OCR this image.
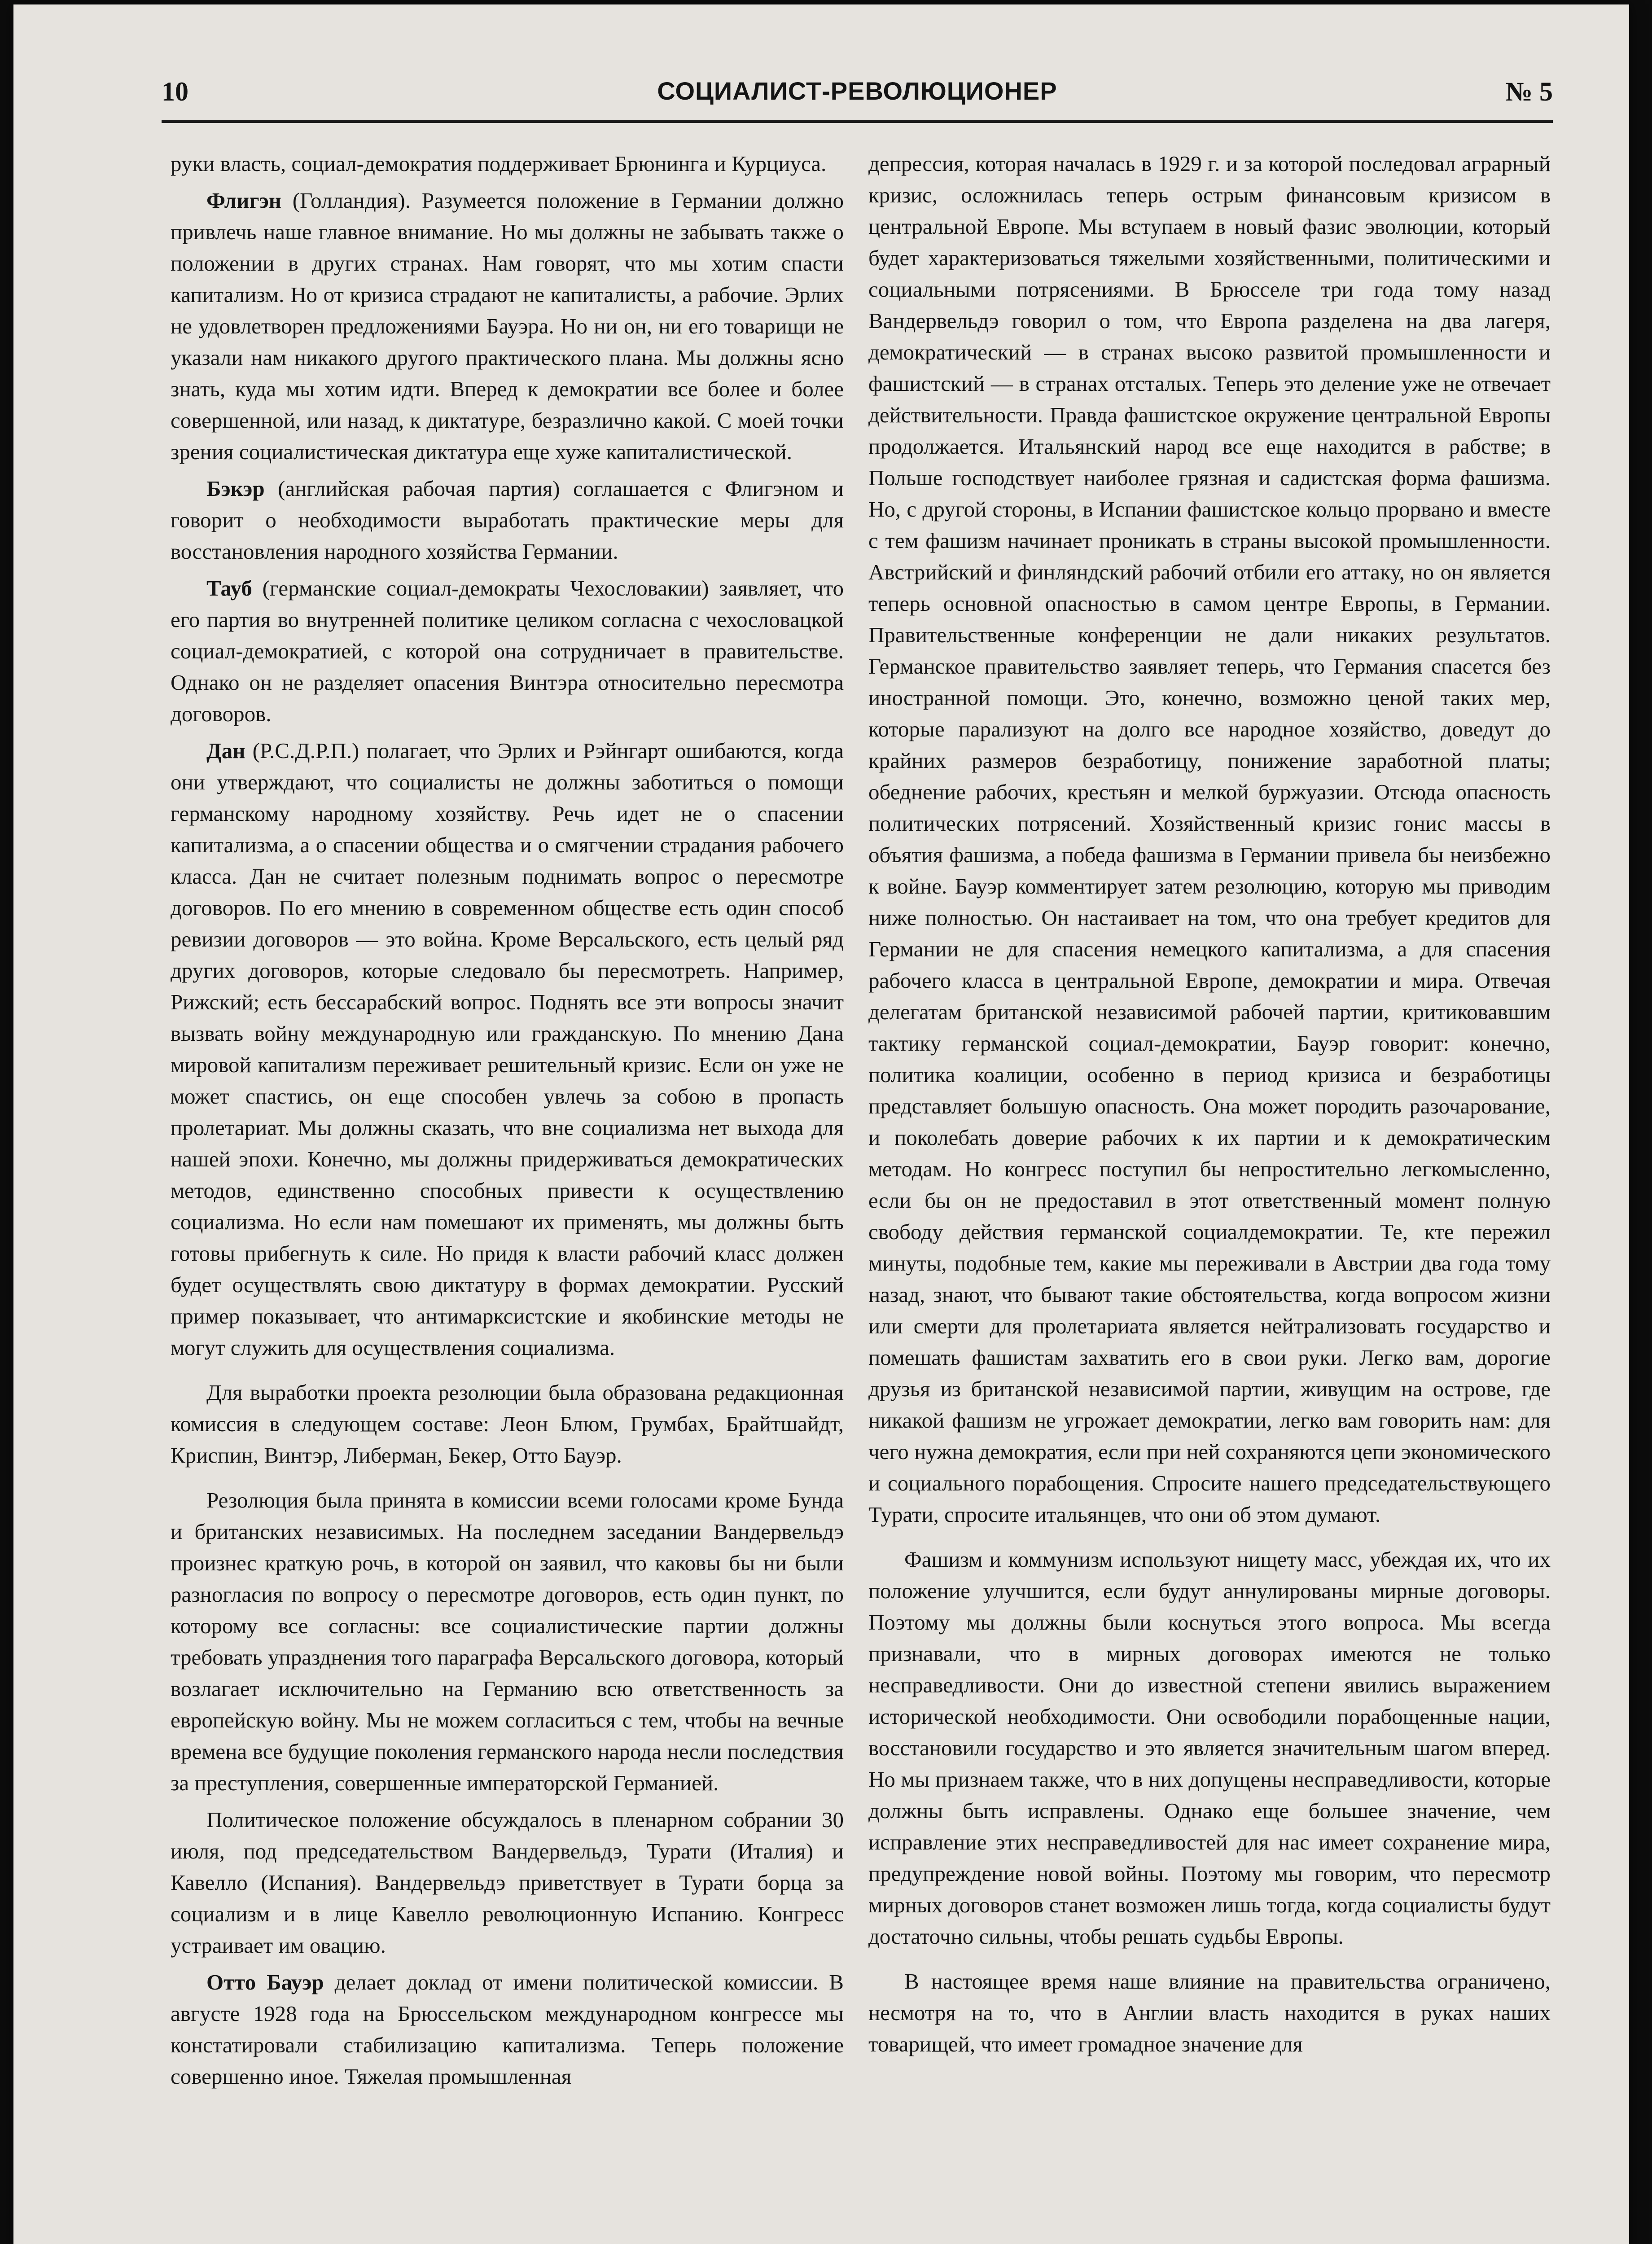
10	СОЦИАЛИСТ-РЕВОЛЮЦИОНЕР	№ 5

руки власть, социал-демократия поддерживает Брюнинга и Курциуса.

Флигэн (Голландия). Разумеется положение в Германии должно привлечь наше главное внимание. Но мы должны не забывать также о положении в других странах. Нам говорят, что мы хотим спасти капитализм. Но от кризиса страдают не капиталисты, а рабочие. Эрлих не удовлетворен предложениями Бауэра. Но ни он, ни его товарищи не указали нам никакого другого практического плана. Мы должны ясно знать, куда мы хотим идти. Вперед к демократии все более и более совершенной, или назад, к диктатуре, безразлично какой. С моей точки зрения социалистическая диктатура еще хуже капиталистической.

Бэкэр (английская рабочая партия) соглашается с Флигэном и говорит о необходимости выработать практические меры для восстановления народного хозяйства Германии.

Тауб (германские социал-демократы Чехословакии) заявляет, что его партия во внутренней политике целиком согласна с чехословацкой социал-демократией, с которой она сотрудничает в правительстве. Однако он не разделяет опасения Винтэра относительно пересмотра договоров.

Дан (Р.С.Д.Р.П.) полагает, что Эрлих и Рэйнгарт ошибаются, когда они утверждают, что социалисты не должны заботиться о помощи германскому народному хозяйству. Речь идет не о спасении капитализма, а о спасении общества и о смягчении страдания рабочего класса. Дан не считает полезным поднимать вопрос о пересмотре договоров. По его мнению в современном обществе есть один способ ревизии договоров — это война. Кроме Версальского, есть целый ряд других договоров, которые следовало бы пересмотреть. Например, Рижский; есть бессарабский вопрос. Поднять все эти вопросы значит вызвать войну международную или гражданскую. По мнению Дана мировой капитализм переживает решительный кризис. Если он уже не может спастись, он еще способен увлечь за собою в пропасть пролетариат. Мы должны сказать, что вне социализма нет выхода для нашей эпохи. Конечно, мы должны придерживаться демократических методов, единственно способных привести к осуществлению социализма. Но если нам помешают их применять, мы должны быть готовы прибегнуть к силе. Но придя к власти рабочий класс должен будет осуществлять свою диктатуру в формах демократии. Русский пример показывает, что антимарксистские и якобинские методы не могут служить для осуществления социализма.

Для выработки проекта резолюции была образована редакционная комиссия в следующем составе: Леон Блюм, Грумбах, Брайтшайдт, Криспин, Винтэр, Либерман, Бекер, Отто Бауэр.

Резолюция была принята в комиссии всеми голосами кроме Бунда и британских независимых. На последнем заседании Вандервельдэ произнес краткую рочь, в которой он заявил, что каковы бы ни были разногласия по вопросу о пересмотре договоров, есть один пункт, по которому все согласны: все социалистические партии должны требовать упразднения того параграфа Версальского договора, который возлагает исключительно на Германию всю ответственность за европейскую войну. Мы не можем согласиться с тем, чтобы на вечные времена все будущие поколения германского народа несли последствия за преступления, совершенные императорской Германией.

Политическое положение обсуждалось в пленарном собрании 30 июля, под председательством Вандервельдэ, Турати (Италия) и Кавелло (Испания). Вандервельдэ приветствует в Турати борца за социализм и в лице Кавелло революционную Испанию. Конгресс устраивает им овацию.

Отто Бауэр делает доклад от имени политической комиссии. В августе 1928 года на Брюссельском международном конгрессе мы констатировали стабилизацию капитализма. Теперь положение совершенно иное. Тяжелая промышленная

депрессия, которая началась в 1929 г. и за которой последовал аграрный кризис, осложнилась теперь острым финансовым кризисом в центральной Европе. Мы вступаем в новый фазис эволюции, который будет характеризоваться тяжелыми хозяйственными, политическими и социальными потрясениями. В Брюсселе три года тому назад Вандервельдэ говорил о том, что Европа разделена на два лагеря, демократический — в странах высоко развитой промышленности и фашистский — в странах отсталых. Теперь это деление уже не отвечает действительности. Правда фашистское окружение центральной Европы продолжается. Итальянский народ все еще находится в рабстве; в Польше господствует наиболее грязная и садистская форма фашизма. Но, с другой стороны, в Испании фашистское кольцо прорвано и вместе с тем фашизм начинает проникать в страны высокой промышленности. Австрийский и финляндский рабочий отбили его аттаку, но он является теперь основной опасностью в самом центре Европы, в Германии. Правительственные конференции не дали никаких результатов. Германское правительство заявляет теперь, что Германия спасется без иностранной помощи. Это, конечно, возможно ценой таких мер, которые парализуют на долго все народное хозяйство, доведут до крайних размеров безработицу, понижение заработной платы; обеднение рабочих, крестьян и мелкой буржуазии. Отсюда опасность политических потрясений. Хозяйственный кризис гонис массы в объятия фашизма, а победа фашизма в Германии привела бы неизбежно к войне. Бауэр комментирует затем резолюцию, которую мы приводим ниже полностью. Он настаивает на том, что она требует кредитов для Германии не для спасения немецкого капитализма, а для спасения рабочего класса в центральной Европе, демократии и мира. Отвечая делегатам британской независимой рабочей партии, критиковавшим тактику германской социал-демократии, Бауэр говорит: конечно, политика коалиции, особенно в период кризиса и безработицы представляет большую опасность. Она может породить разочарование, и поколебать доверие рабочих к их партии и к демократическим методам. Но конгресс поступил бы непростительно легкомысленно, если бы он не предоставил в этот ответственный момент полную свободу действия германской социалдемократии. Те, кте пережил минуты, подобные тем, какие мы переживали в Австрии два года тому назад, знают, что бывают такие обстоятельства, когда вопросом жизни или смерти для пролетариата является нейтрализовать государство и помешать фашистам захватить его в свои руки. Легко вам, дорогие друзья из британской независимой партии, живущим на острове, где никакой фашизм не угрожает демократии, легко вам говорить нам: для чего нужна демократия, если при ней сохраняются цепи экономического и социального порабощения. Спросите нашего председательствующего Турати, спросите итальянцев, что они об этом думают.

Фашизм и коммунизм используют нищету масс, убеждая их, что их положение улучшится, если будут аннулированы мирные договоры. Поэтому мы должны были коснуться этого вопроса. Мы всегда признавали, что в мирных договорах имеются не только несправедливости. Они до известной степени явились выражением исторической необходимости. Они освободили порабощенные нации, восстановили государство и это является значительным шагом вперед. Но мы признаем также, что в них допущены несправедливости, которые должны быть исправлены. Однако еще большее значение, чем исправление этих несправедливостей для нас имеет сохранение мира, предупреждение новой войны. Поэтому мы говорим, что пересмотр мирных договоров станет возможен лишь тогда, когда социалисты будут достаточно сильны, чтобы решать судьбы Европы.

В настоящее время наше влияние на правительства ограничено, несмотря на то, что в Англии власть находится в руках наших товарищей, что имеет громадное значение для
